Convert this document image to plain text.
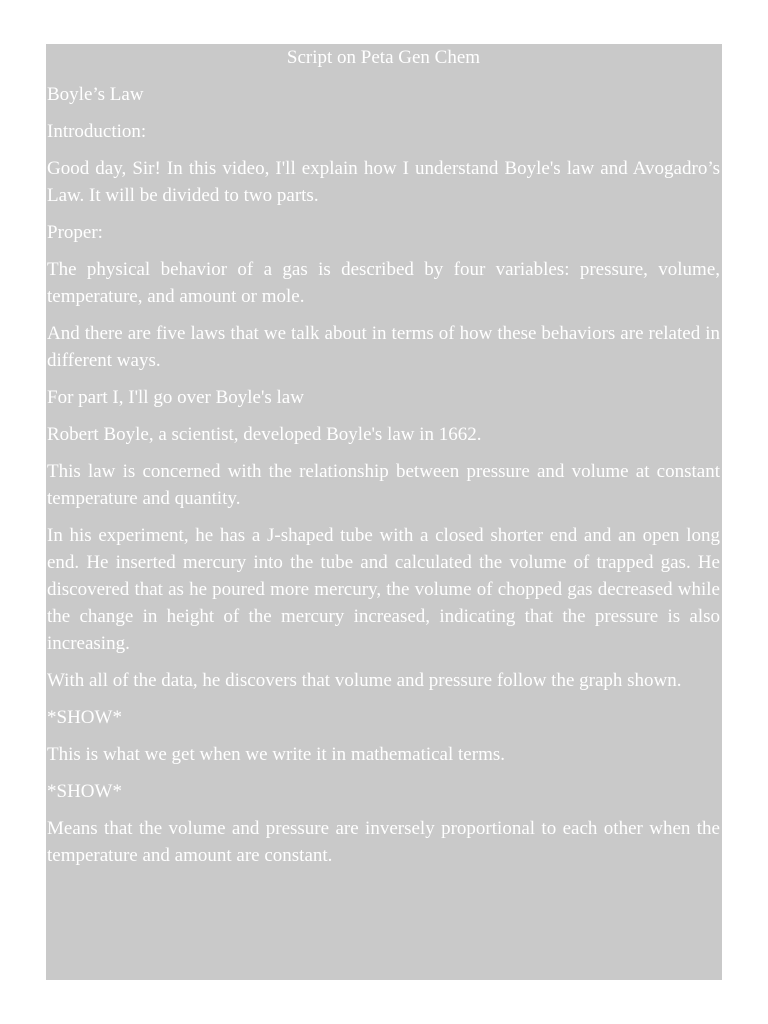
Script on Peta Gen Chem

Boyle’s Law

Introduction:

Good day, Sir! In this video, I'll explain how I understand Boyle's law and Avogadro’s Law. It will be divided to two parts.

Proper:

The physical behavior of a gas is described by four variables: pressure, volume, temperature, and amount or mole.

And there are five laws that we talk about in terms of how these behaviors are related in different ways.

For part I, I'll go over Boyle's law

Robert Boyle, a scientist, developed Boyle's law in 1662.

This law is concerned with the relationship between pressure and volume at constant temperature and quantity.

In his experiment, he has a J-shaped tube with a closed shorter end and an open long end. He inserted mercury into the tube and calculated the volume of trapped gas. He discovered that as he poured more mercury, the volume of chopped gas decreased while the change in height of the mercury increased, indicating that the pressure is also increasing.

With all of the data, he discovers that volume and pressure follow the graph shown.

*SHOW*

This is what we get when we write it in mathematical terms.

*SHOW*

Means that the volume and pressure are inversely proportional to each other when the temperature and amount are constant.
